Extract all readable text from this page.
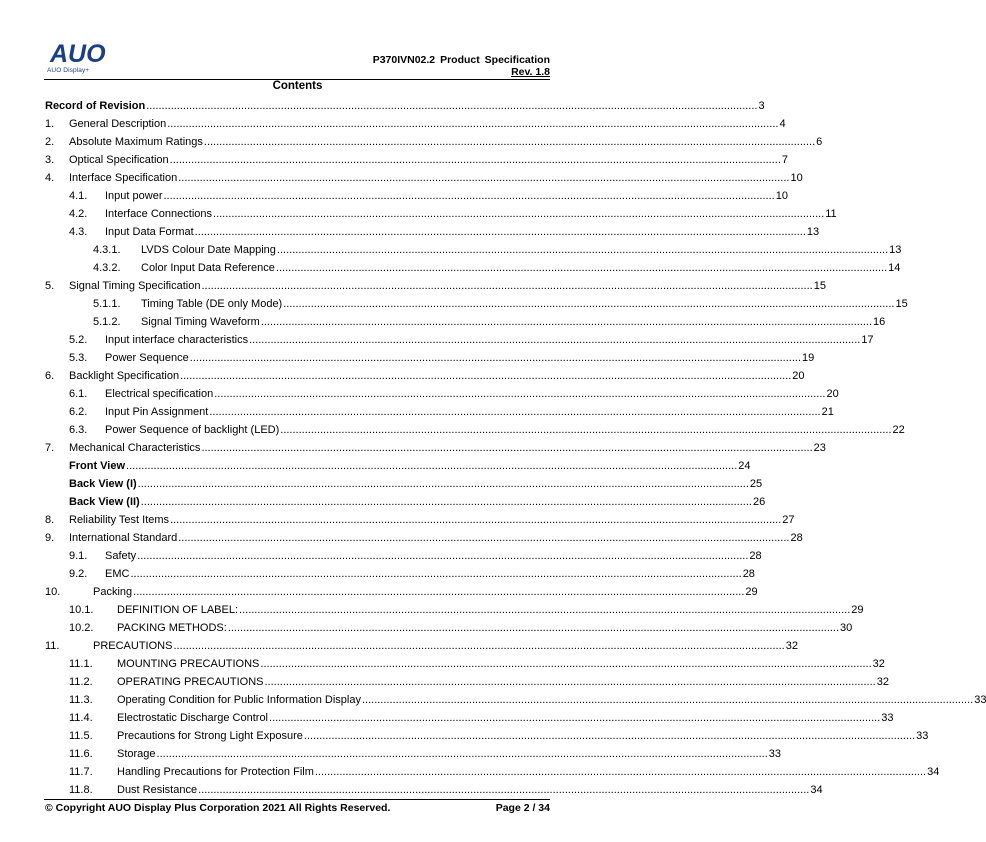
AUO
AUO Display+
P370IVN02.2 Product Specification
Rev. 1.8
Contents
Record of Revision ........................................................................................................................................................................................................ 3
1. General Description ........................................................................................................................................................................................................ 4
2. Absolute Maximum Ratings ........................................................................................................................................................................................................ 6
3. Optical Specification ........................................................................................................................................................................................................ 7
4. Interface Specification ........................................................................................................................................................................................................ 10
4.1. Input power ........................................................................................................................................................................................................ 10
4.2. Interface Connections ........................................................................................................................................................................................................ 11
4.3. Input Data Format ........................................................................................................................................................................................................ 13
4.3.1. LVDS Colour Date Mapping ........................................................................................................................................................................................................ 13
4.3.2. Color Input Data Reference ........................................................................................................................................................................................................ 14
5. Signal Timing Specification ........................................................................................................................................................................................................ 15
5.1.1. Timing Table (DE only Mode) ........................................................................................................................................................................................................ 15
5.1.2. Signal Timing Waveform ........................................................................................................................................................................................................ 16
5.2. Input interface characteristics ........................................................................................................................................................................................................ 17
5.3. Power Sequence ........................................................................................................................................................................................................ 19
6. Backlight Specification ........................................................................................................................................................................................................ 20
6.1. Electrical specification ........................................................................................................................................................................................................ 20
6.2. Input Pin Assignment ........................................................................................................................................................................................................ 21
6.3. Power Sequence of backlight (LED) ........................................................................................................................................................................................................ 22
7. Mechanical Characteristics ........................................................................................................................................................................................................ 23
Front View ........................................................................................................................................................................................................ 24
Back View (I) ........................................................................................................................................................................................................ 25
Back View (II) ........................................................................................................................................................................................................ 26
8. Reliability Test Items ........................................................................................................................................................................................................ 27
9. International Standard ........................................................................................................................................................................................................ 28
9.1. Safety ........................................................................................................................................................................................................ 28
9.2. EMC ........................................................................................................................................................................................................ 28
10.	Packing ........................................................................................................................................................................................................ 29
10.1. DEFINITION OF LABEL: ........................................................................................................................................................................................................ 29
10.2. PACKING METHODS: ........................................................................................................................................................................................................ 30
11.	PRECAUTIONS ........................................................................................................................................................................................................ 32
11.1. MOUNTING PRECAUTIONS ........................................................................................................................................................................................................ 32
11.2. OPERATING PRECAUTIONS ........................................................................................................................................................................................................ 32
11.3. Operating Condition for Public Information Display ........................................................................................................................................................................................................ 33
11.4. Electrostatic Discharge Control ........................................................................................................................................................................................................ 33
11.5. Precautions for Strong Light Exposure ........................................................................................................................................................................................................ 33
11.6. Storage ........................................................................................................................................................................................................ 33
11.7. Handling Precautions for Protection Film ........................................................................................................................................................................................................ 34
11.8. Dust Resistance ........................................................................................................................................................................................................ 34
© Copyright AUO Display Plus Corporation 2021 All Rights Reserved.	Page 2 / 34
